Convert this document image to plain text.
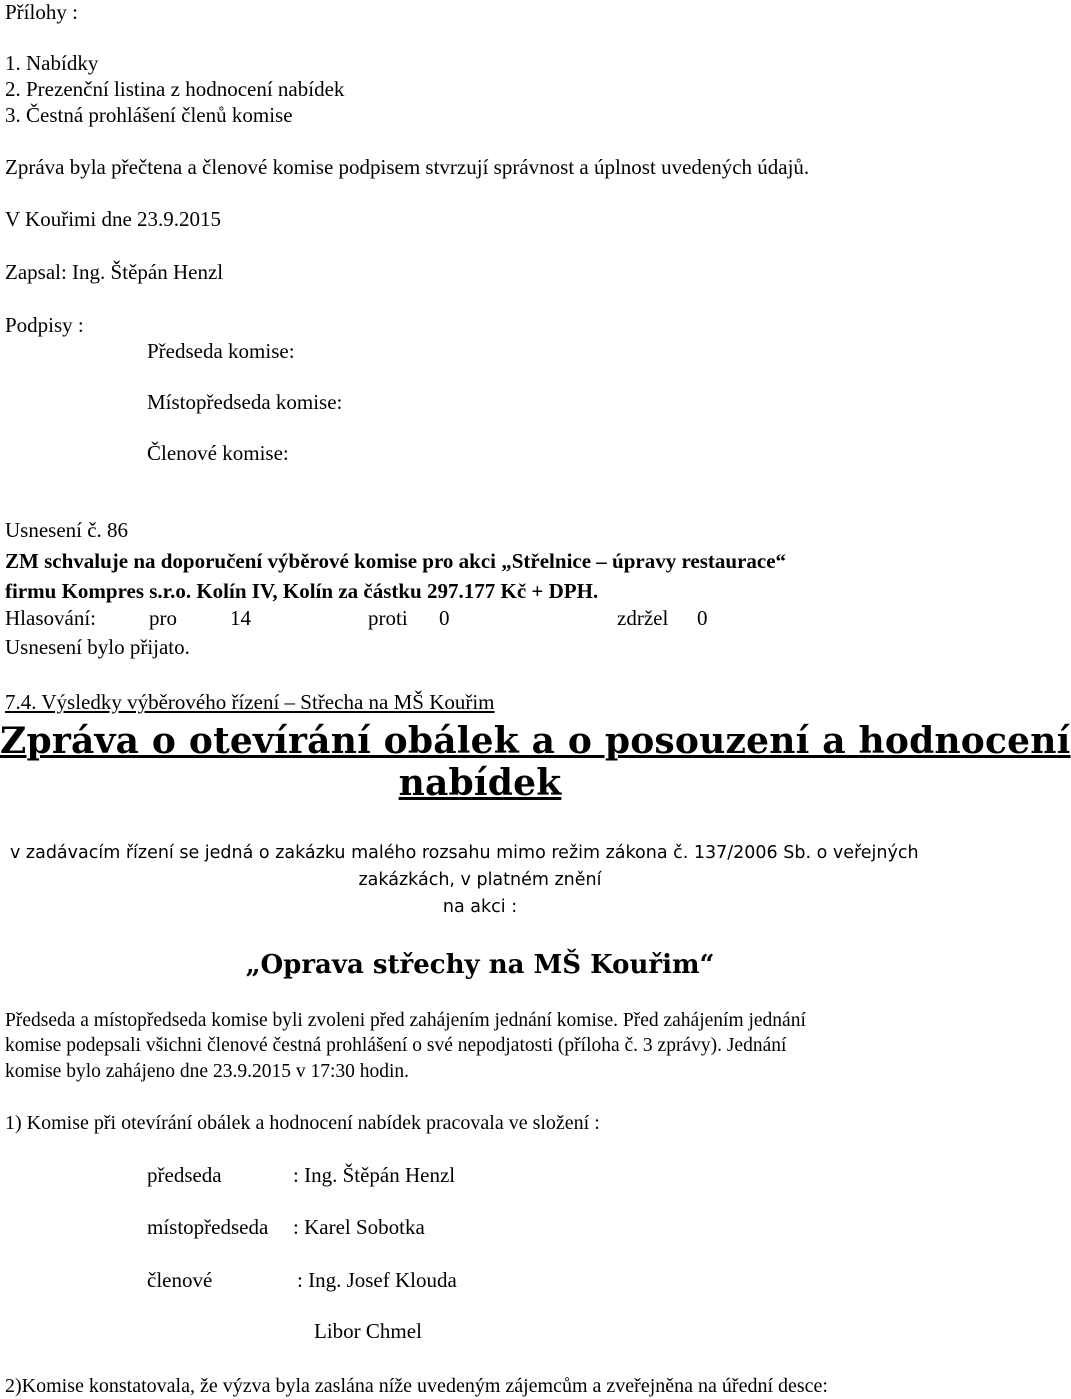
Přílohy :
1. Nabídky
2. Prezenční listina z hodnocení nabídek
3. Čestná prohlášení členů komise
Zpráva byla přečtena a členové komise podpisem stvrzují správnost a úplnost uvedených údajů.
V Kouřimi dne 23.9.2015
Zapsal: Ing. Štěpán Henzl
Podpisy :
Předseda komise:
Místopředseda komise:
Členové komise:
Usnesení č. 86
ZM schvaluje na doporučení výběrové komise pro akci „Střelnice – úpravy restaurace“
firmu Kompres s.r.o. Kolín IV, Kolín za částku 297.177 Kč + DPH.
Hlasování:	pro	14	proti 0	zdržel 0
Usnesení bylo přijato.
7.4. Výsledky výběrového řízení – Střecha na MŠ Kouřim
Zpráva o otevírání obálek a o posouzení a hodnocení
nabídek
v zadávacím řízení se jedná o zakázku malého rozsahu mimo režim zákona č. 137/2006 Sb. o veřejných
zakázkách, v platném znění
na akci :
„Oprava střechy na MŠ Kouřim“
Předseda a místopředseda komise byli zvoleni před zahájením jednání komise. Před zahájením jednání
komise podepsali všichni členové čestná prohlášení o své nepodjatosti (příloha č. 3 zprávy). Jednání
komise bylo zahájeno dne 23.9.2015 v 17:30 hodin.
1) Komise při otevírání obálek a hodnocení nabídek pracovala ve složení :
předseda	: Ing. Štěpán Henzl
místopředseda : Karel Sobotka
členové	: Ing. Josef Klouda
Libor Chmel
2)Komise konstatovala, že výzva byla zaslána níže uvedeným zájemcům a zveřejněna na úřední desce:
